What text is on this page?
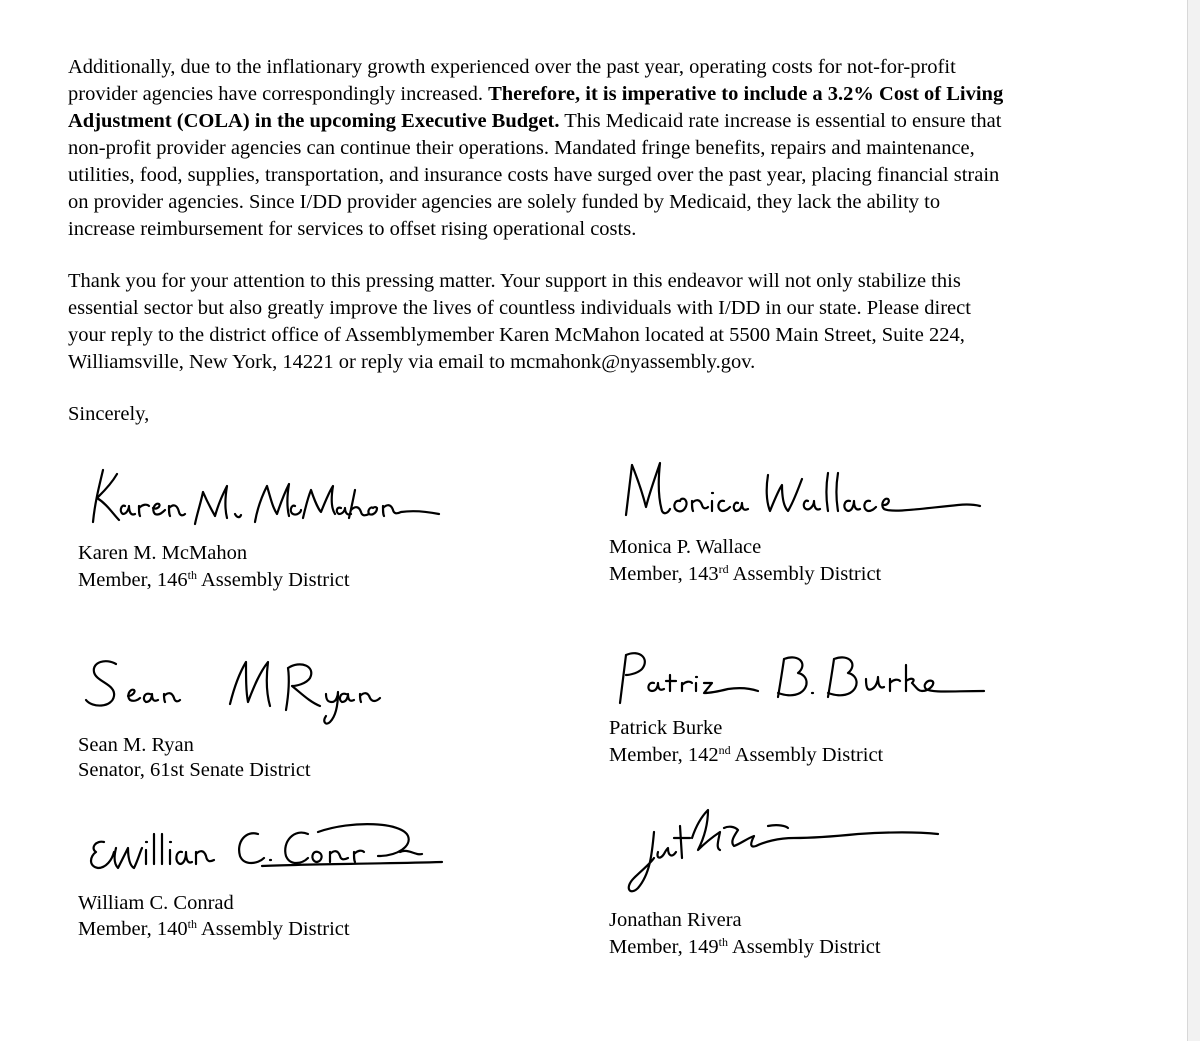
Additionally, due to the inflationary growth experienced over the past year, operating costs for not-for-profit
provider agencies have correspondingly increased. Therefore, it is imperative to include a 3.2% Cost of Living
Adjustment (COLA) in the upcoming Executive Budget. This Medicaid rate increase is essential to ensure that
non-profit provider agencies can continue their operations. Mandated fringe benefits, repairs and maintenance,
utilities, food, supplies, transportation, and insurance costs have surged over the past year, placing financial strain
on provider agencies. Since I/DD provider agencies are solely funded by Medicaid, they lack the ability to
increase reimbursement for services to offset rising operational costs.

Thank you for your attention to this pressing matter. Your support in this endeavor will not only stabilize this
essential sector but also greatly improve the lives of countless individuals with I/DD in our state. Please direct
your reply to the district office of Assemblymember Karen McMahon located at 5500 Main Street, Suite 224,
Williamsville, New York, 14221 or reply via email to mcmahonk@nyassembly.gov.

Sincerely,

Karen M. McMahon
Member, 146th Assembly District
Monica P. Wallace
Member, 143rd Assembly District
Sean M. Ryan
Senator, 61st Senate District
Patrick Burke
Member, 142nd Assembly District
William C. Conrad
Member, 140th Assembly District	Jonathan Rivera
Member, 149th Assembly District
